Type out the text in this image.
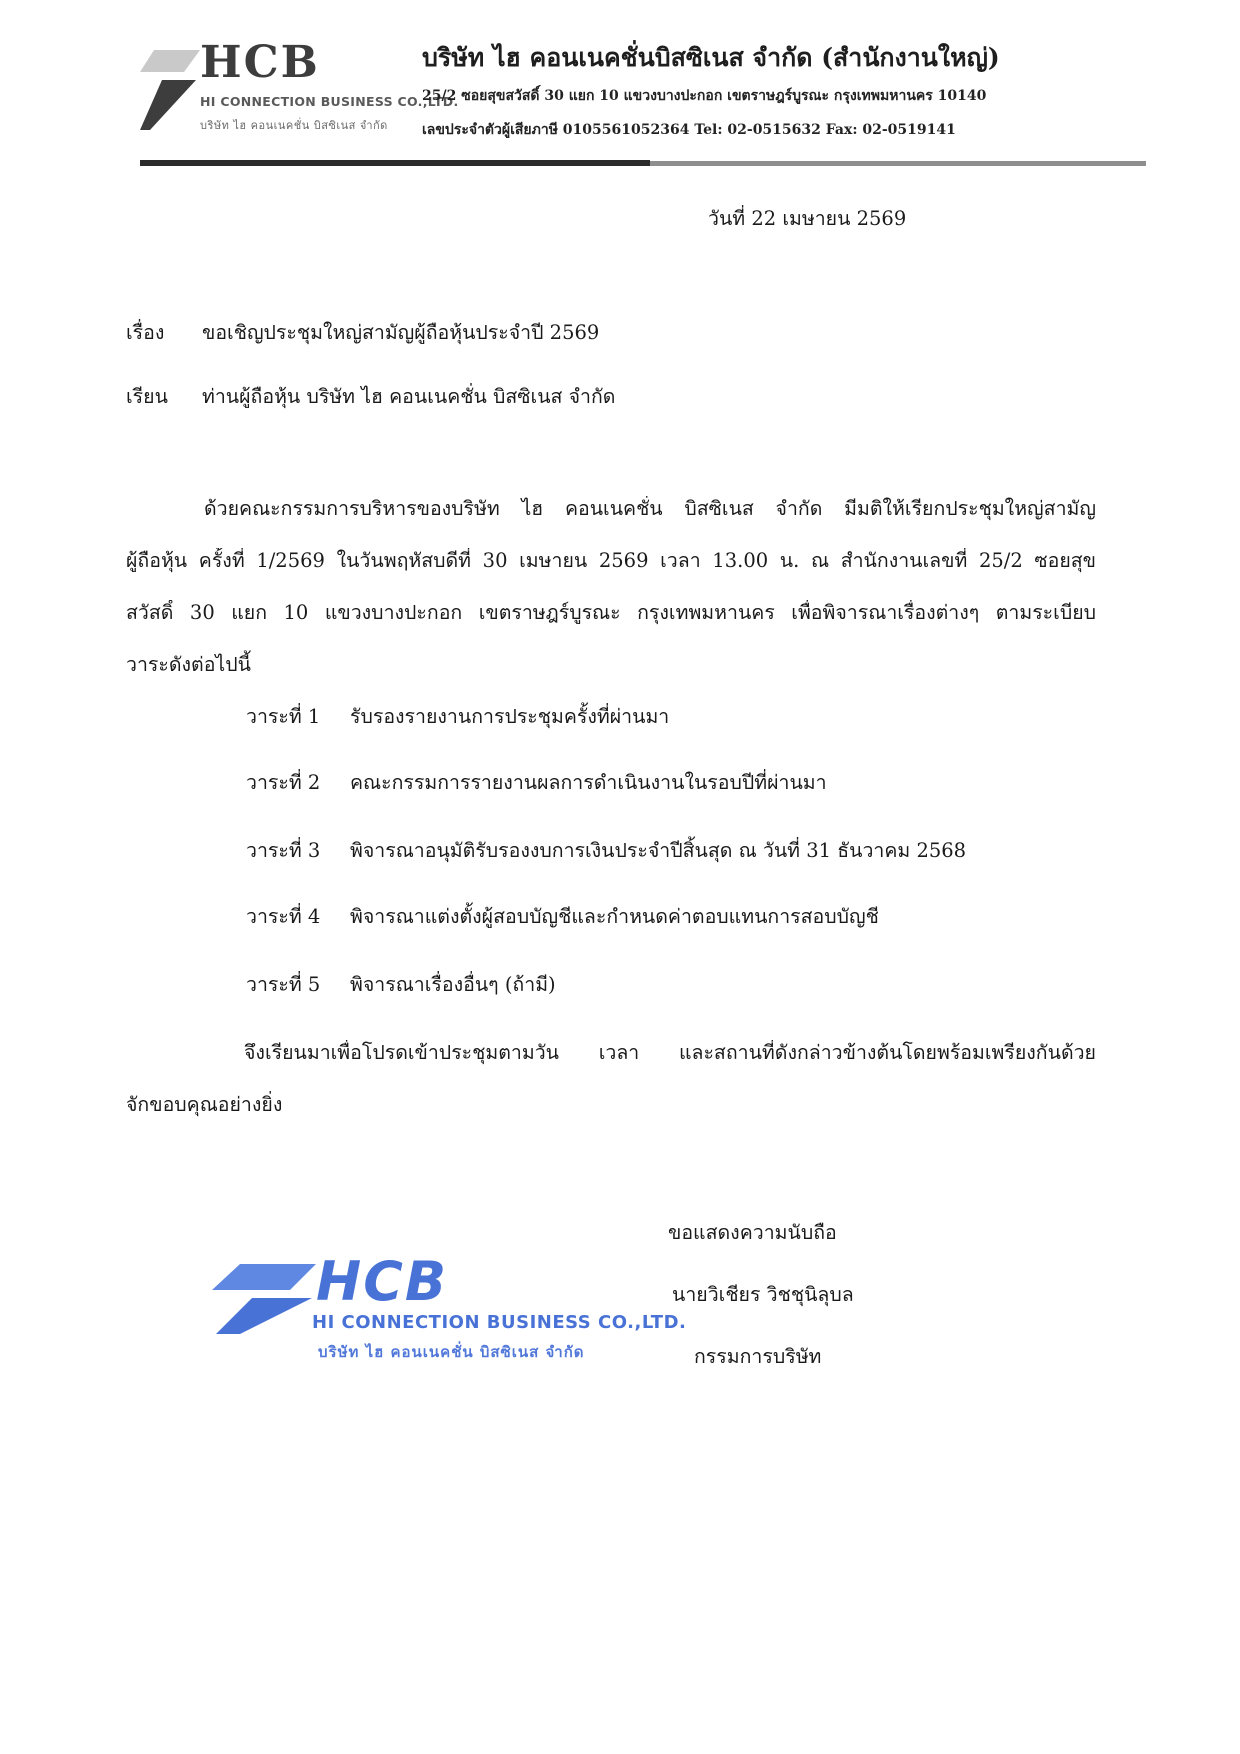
HCB
HI CONNECTION BUSINESS CO.,LTD.
บริษัท ไฮ คอนเนคชั่น บิสซิเนส จำกัด
บริษัท ไฮ คอนเนคชั่นบิสซิเนส จำกัด (สำนักงานใหญ่)
25/2 ซอยสุขสวัสดิ์ 30 แยก 10 แขวงบางปะกอก เขตราษฎร์บูรณะ กรุงเทพมหานคร 10140
เลขประจำตัวผู้เสียภาษี 0105561052364 Tel: 02-0515632 Fax: 02-0519141
วันที่ 22 เมษายน 2569
เรื่อง ขอเชิญประชุมใหญ่สามัญผู้ถือหุ้นประจำปี 2569
เรียน ท่านผู้ถือหุ้น บริษัท ไฮ คอนเนคชั่น บิสซิเนส จำกัด
ด้วยคณะกรรมการบริหารของบริษัท ไฮ คอนเนคชั่น บิสซิเนส จำกัด มีมติให้เรียกประชุมใหญ่สามัญ
ผู้ถือหุ้น ครั้งที่ 1/2569 ในวันพฤหัสบดีที่ 30 เมษายน 2569 เวลา 13.00 น. ณ สำนักงานเลขที่ 25/2 ซอยสุข
สวัสดิ์ 30 แยก 10 แขวงบางปะกอก เขตราษฎร์บูรณะ กรุงเทพมหานคร เพื่อพิจารณาเรื่องต่างๆ ตามระเบียบ
วาระดังต่อไปนี้
วาระที่ 1 รับรองรายงานการประชุมครั้งที่ผ่านมา
วาระที่ 2 คณะกรรมการรายงานผลการดำเนินงานในรอบปีที่ผ่านมา
วาระที่ 3 พิจารณาอนุมัติรับรองงบการเงินประจำปีสิ้นสุด ณ วันที่ 31 ธันวาคม 2568
วาระที่ 4 พิจารณาแต่งตั้งผู้สอบบัญชีและกำหนดค่าตอบแทนการสอบบัญชี
วาระที่ 5 พิจารณาเรื่องอื่นๆ (ถ้ามี)
จึงเรียนมาเพื่อโปรดเข้าประชุมตามวัน เวลา และสถานที่ดังกล่าวข้างต้นโดยพร้อมเพรียงกันด้วย
จักขอบคุณอย่างยิ่ง
ขอแสดงความนับถือ
นายวิเชียร วิชชุนิลุบล
กรรมการบริษัท
HCB
HI CONNECTION BUSINESS CO.,LTD.
บริษัท ไฮ คอนเนคชั่น บิสซิเนส จำกัด
